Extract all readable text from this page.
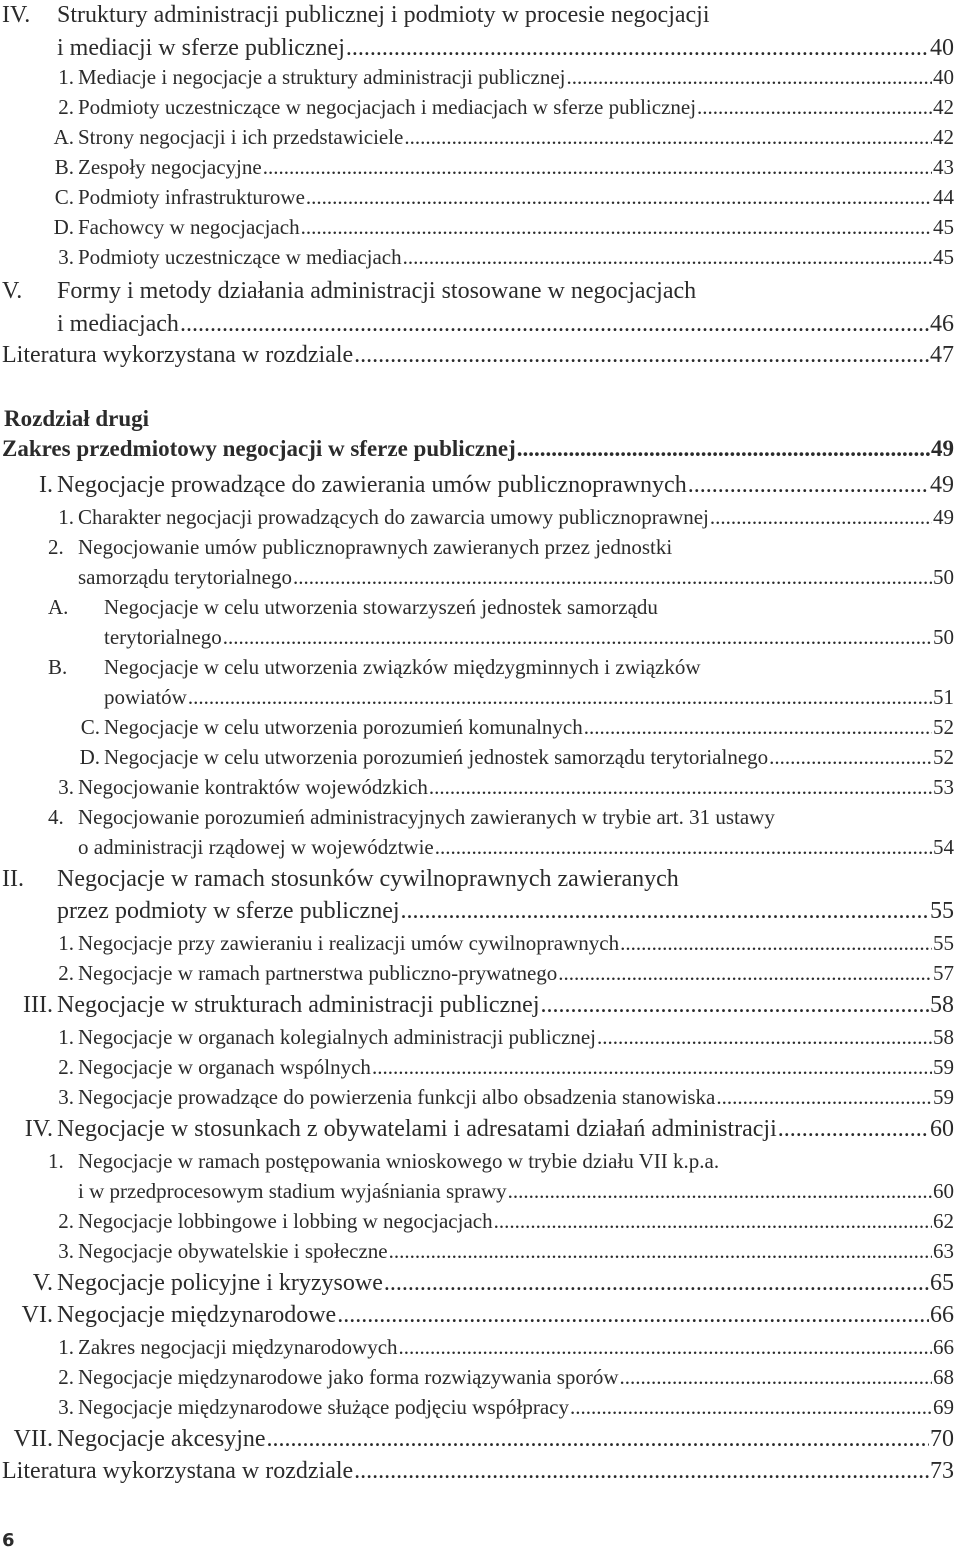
IV. Struktury administracji publicznej i podmioty w procesie negocjacji
i mediacji w sferze publicznej .....	40
1. Mediacje i negocjacje a struktury administracji publicznej .....	40
2. Podmioty uczestniczące w negocjacjach i mediacjach w sferze publicznej .....	42
A. Strony negocjacji i ich przedstawiciele .....	42
B. Zespoły negocjacyjne .....	43
C. Podmioty infrastrukturowe .....	44
D. Fachowcy w negocjacjach .....	45
3. Podmioty uczestniczące w mediacjach .....	45
V. Formy i metody działania administracji stosowane w negocjacjach
i mediacjach .....	46
Literatura wykorzystana w rozdziale .....	47
Rozdział drugi
Zakres przedmiotowy negocjacji w sferze publicznej .....	49
I. Negocjacje prowadzące do zawierania umów publicznoprawnych .....	49
1. Charakter negocjacji prowadzących do zawarcia umowy publicznoprawnej .....	49
2. Negocjowanie umów publicznoprawnych zawieranych przez jednostki
samorządu terytorialnego .....	50
A. Negocjacje w celu utworzenia stowarzyszeń jednostek samorządu
terytorialnego .....	50
B. Negocjacje w celu utworzenia związków międzygminnych i związków
powiatów .....	51
C. Negocjacje w celu utworzenia porozumień komunalnych .....	52
D. Negocjacje w celu utworzenia porozumień jednostek samorządu terytorialnego .....	52
3. Negocjowanie kontraktów wojewódzkich .....	53
4. Negocjowanie porozumień administracyjnych zawieranych w trybie art. 31 ustawy
o administracji rządowej w województwie .....	54
II. Negocjacje w ramach stosunków cywilnoprawnych zawieranych
przez podmioty w sferze publicznej .....	55
1. Negocjacje przy zawieraniu i realizacji umów cywilnoprawnych .....	55
2. Negocjacje w ramach partnerstwa publiczno-prywatnego .....	57
III. Negocjacje w strukturach administracji publicznej .....	58
1. Negocjacje w organach kolegialnych administracji publicznej .....	58
2. Negocjacje w organach wspólnych .....	59
3. Negocjacje prowadzące do powierzenia funkcji albo obsadzenia stanowiska .....	59
IV. Negocjacje w stosunkach z obywatelami i adresatami działań administracji .....	60
1. Negocjacje w ramach postępowania wnioskowego w trybie działu VII k.p.a.
i w przedprocesowym stadium wyjaśniania sprawy .....	60
2. Negocjacje lobbingowe i lobbing w negocjacjach .....	62
3. Negocjacje obywatelskie i społeczne .....	63
V. Negocjacje policyjne i kryzysowe .....	65
VI. Negocjacje międzynarodowe .....	66
1. Zakres negocjacji międzynarodowych .....	66
2. Negocjacje międzynarodowe jako forma rozwiązywania sporów .....	68
3. Negocjacje międzynarodowe służące podjęciu współpracy .....	69
VII. Negocjacje akcesyjne .....	70
Literatura wykorzystana w rozdziale .....	73
6
